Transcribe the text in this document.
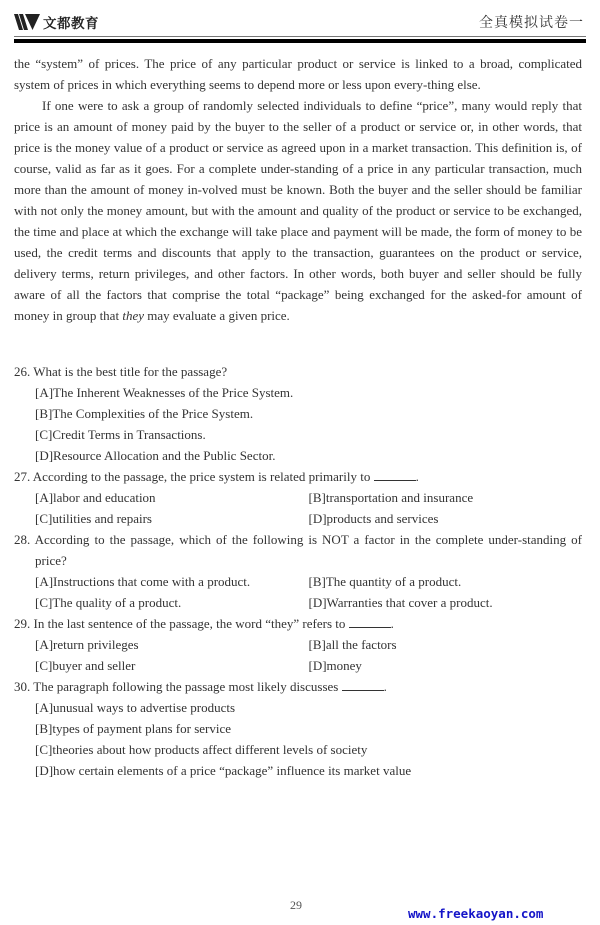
文都教育	全真模拟试卷一

the “system” of prices. The price of any particular product or service is linked to a broad, complicated system of prices in which everything seems to depend more or less upon every-thing else.

If one were to ask a group of randomly selected individuals to define “price”, many would reply that price is an amount of money paid by the buyer to the seller of a product or service or, in other words, that price is the money value of a product or service as agreed upon in a market transaction. This definition is, of course, valid as far as it goes. For a complete under-standing of a price in any particular transaction, much more than the amount of money in-volved must be known. Both the buyer and the seller should be familiar with not only the money amount, but with the amount and quality of the product or service to be exchanged, the time and place at which the exchange will take place and payment will be made, the form of money to be used, the credit terms and discounts that apply to the transaction, guarantees on the product or service, delivery terms, return privileges, and other factors. In other words, both buyer and seller should be fully aware of all the factors that comprise the total “package” being exchanged for the asked-for amount of money in group that they may evaluate a given price.

26. What is the best title for the passage?
[A]The Inherent Weaknesses of the Price System.
[B]The Complexities of the Price System.
[C]Credit Terms in Transactions.
[D]Resource Allocation and the Public Sector.
27. According to the passage, the price system is related primarily to	.
[A]labor and education	[B]transportation and insurance
[C]utilities and repairs	[D]products and services
28. According to the passage, which of the following is NOT a factor in the complete under-standing of price?
[A]Instructions that come with a product.	[B]The quantity of a product.
[C]The quality of a product.	[D]Warranties that cover a product.
29. In the last sentence of the passage, the word “they” refers to	.
[A]return privileges	[B]all the factors
[C]buyer and seller	[D]money
30. The paragraph following the passage most likely discusses	.
[A]unusual ways to advertise products
[B]types of payment plans for service
[C]theories about how products affect different levels of society
[D]how certain elements of a price “package” influence its market value
29
www.freekaoyan.com
